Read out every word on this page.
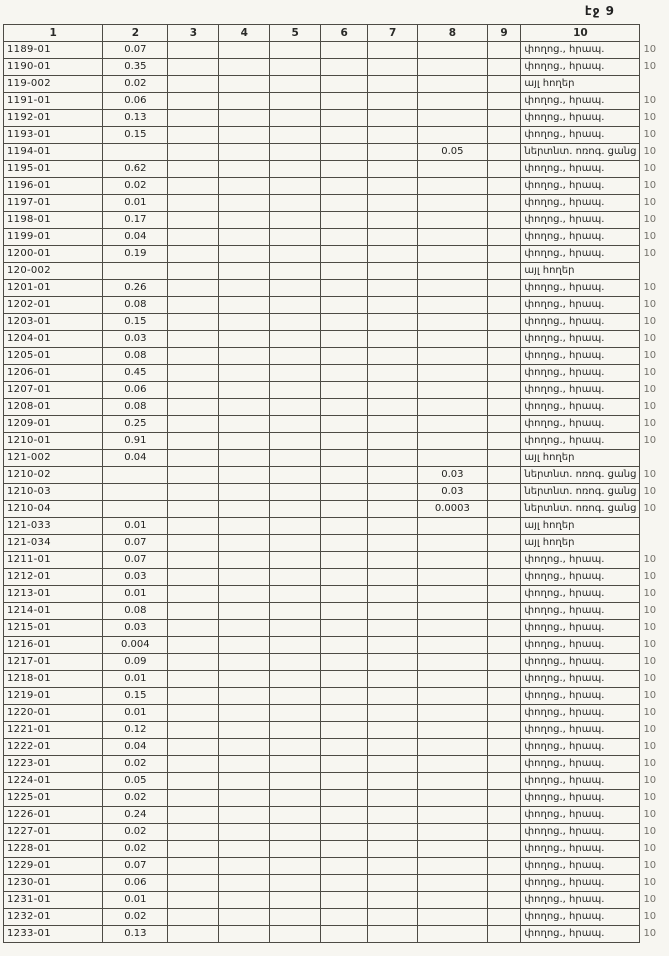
էջ 9
1	2	3	4	5	6	7	8	9	10	
1189-01	0.07								փողոց., հրապ.	10
1190-01	0.35								փողոց., հրապ.	10
119-002	0.02								այլ հողեր	
1191-01	0.06								փողոց., հրապ.	10
1192-01	0.13								փողոց., հրապ.	10
1193-01	0.15								փողոց., հրապ.	10
1194-01							0.05		ներտնտ. ոռոգ. ցանց	10
1195-01	0.62								փողոց., հրապ.	10
1196-01	0.02								փողոց., հրապ.	10
1197-01	0.01								փողոց., հրապ.	10
1198-01	0.17								փողոց., հրապ.	10
1199-01	0.04								փողոց., հրապ.	10
1200-01	0.19								փողոց., հրապ.	10
120-002									այլ հողեր	
1201-01	0.26								փողոց., հրապ.	10
1202-01	0.08								փողոց., հրապ.	10
1203-01	0.15								փողոց., հրապ.	10
1204-01	0.03								փողոց., հրապ.	10
1205-01	0.08								փողոց., հրապ.	10
1206-01	0.45								փողոց., հրապ.	10
1207-01	0.06								փողոց., հրապ.	10
1208-01	0.08								փողոց., հրապ.	10
1209-01	0.25								փողոց., հրապ.	10
1210-01	0.91								փողոց., հրապ.	10
121-002	0.04								այլ հողեր	
1210-02							0.03		ներտնտ. ոռոգ. ցանց	10
1210-03							0.03		ներտնտ. ոռոգ. ցանց	10
1210-04							0.0003		ներտնտ. ոռոգ. ցանց	10
121-033	0.01								այլ հողեր	
121-034	0.07								այլ հողեր	
1211-01	0.07								փողոց., հրապ.	10
1212-01	0.03								փողոց., հրապ.	10
1213-01	0.01								փողոց., հրապ.	10
1214-01	0.08								փողոց., հրապ.	10
1215-01	0.03								փողոց., հրապ.	10
1216-01	0.004								փողոց., հրապ.	10
1217-01	0.09								փողոց., հրապ.	10
1218-01	0.01								փողոց., հրապ.	10
1219-01	0.15								փողոց., հրապ.	10
1220-01	0.01								փողոց., հրապ.	10
1221-01	0.12								փողոց., հրապ.	10
1222-01	0.04								փողոց., հրապ.	10
1223-01	0.02								փողոց., հրապ.	10
1224-01	0.05								փողոց., հրապ.	10
1225-01	0.02								փողոց., հրապ.	10
1226-01	0.24								փողոց., հրապ.	10
1227-01	0.02								փողոց., հրապ.	10
1228-01	0.02								փողոց., հրապ.	10
1229-01	0.07								փողոց., հրապ.	10
1230-01	0.06								փողոց., հրապ.	10
1231-01	0.01								փողոց., հրապ.	10
1232-01	0.02								փողոց., հրապ.	10
1233-01	0.13								փողոց., հրապ.	10
